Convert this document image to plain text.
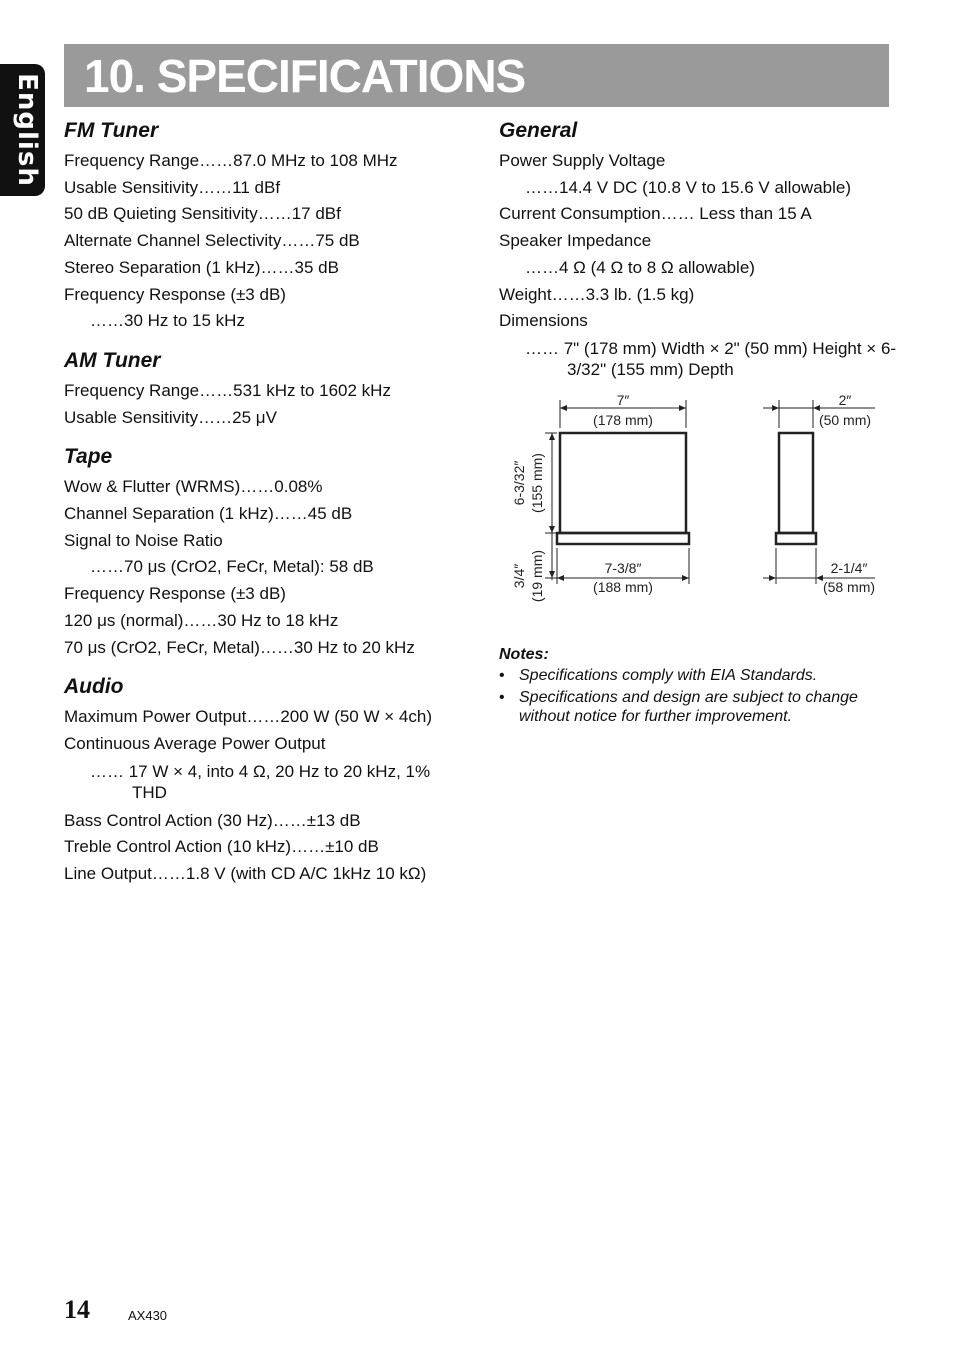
English 10. SPECIFICATIONS
FM Tuner
Frequency Range……87.0 MHz to 108 MHz
Usable Sensitivity……11 dBf
50 dB Quieting Sensitivity……17 dBf
Alternate Channel Selectivity……75 dB
Stereo Separation (1 kHz)……35 dB
Frequency Response (±3 dB)
……30 Hz to 15 kHz
AM Tuner
Frequency Range……531 kHz to 1602 kHz
Usable Sensitivity……25 μV
Tape
Wow & Flutter (WRMS)……0.08%
Channel Separation (1 kHz)……45 dB
Signal to Noise Ratio
……70 μs (CrO2, FeCr, Metal): 58 dB
Frequency Response (±3 dB)
120 μs (normal)……30 Hz to 18 kHz
70 μs (CrO2, FeCr, Metal)……30 Hz to 20 kHz
Audio
Maximum Power Output……200 W (50 W × 4ch)
Continuous Average Power Output
…… 17 W × 4, into 4 Ω, 20 Hz to 20 kHz, 1% THD
Bass Control Action (30 Hz)……±13 dB
Treble Control Action (10 kHz)……±10 dB
Line Output……1.8 V (with CD A/C 1kHz 10 kΩ)
General
Power Supply Voltage
……14.4 V DC (10.8 V to 15.6 V allowable)
Current Consumption…… Less than 15 A
Speaker Impedance
……4 Ω (4 Ω to 8 Ω allowable)
Weight……3.3 lb. (1.5 kg)
Dimensions
…… 7" (178 mm) Width × 2" (50 mm) Height × 6-3/32" (155 mm) Depth
7″
(178 mm)
6-3/32″ (155 mm)
3/4″ (19 mm)	7-3/8″
(188 mm)
2″
(50 mm)
2-1/4″
(58 mm)
Notes:
• Specifications comply with EIA Standards.
• Specifications and design are subject to change without notice for further improvement.
14	AX430
